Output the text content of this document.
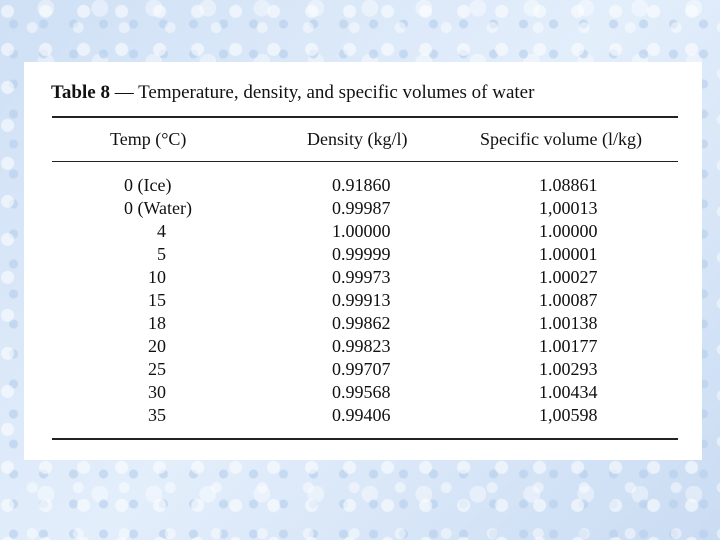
Table 8 — Temperature, density, and specific volumes of water
Temp (°C)	Density (kg/l)	Specific volume (l/kg)
0 (Ice)	0.91860	1.08861
0 (Water)	0.99987	1,00013
4	1.00000	1.00000
5	0.99999	1.00001
10	0.99973	1.00027
15	0.99913	1.00087
18	0.99862	1.00138
20	0.99823	1.00177
25	0.99707	1.00293
30	0.99568	1.00434
35	0.99406	1,00598
